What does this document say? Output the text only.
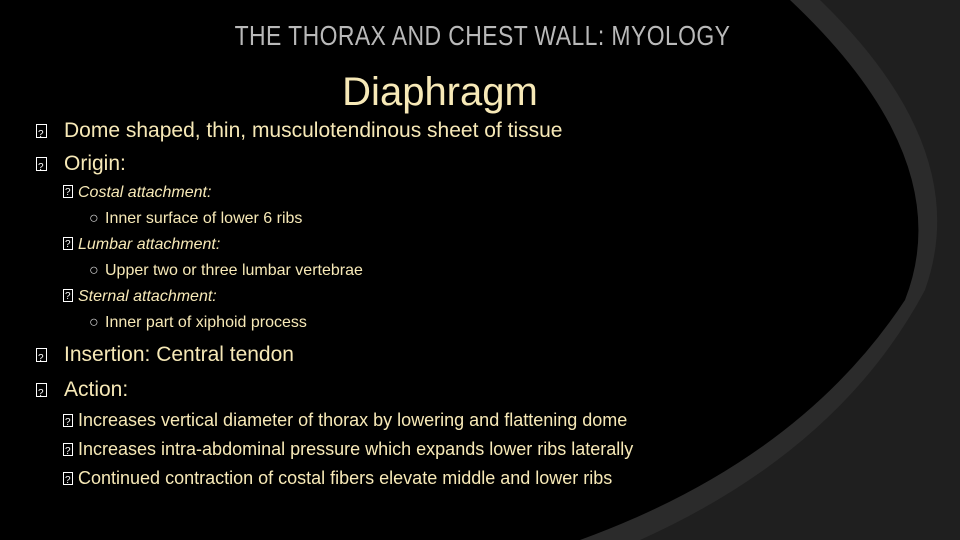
THE THORAX AND CHEST WALL: MYOLOGY
Diaphragm
?
Dome shaped, thin, musculotendinous sheet of tissue
?
Origin:
?Costal attachment:
○ Inner surface of lower 6 ribs
?Lumbar attachment:
○ Upper two or three lumbar vertebrae
?Sternal attachment:
○ Inner part of xiphoid process
?
Insertion: Central tendon
?
Action:
?Increases vertical diameter of thorax by lowering and flattening dome
?Increases intra-abdominal pressure which expands lower ribs laterally
?Continued contraction of costal fibers elevate middle and lower ribs
